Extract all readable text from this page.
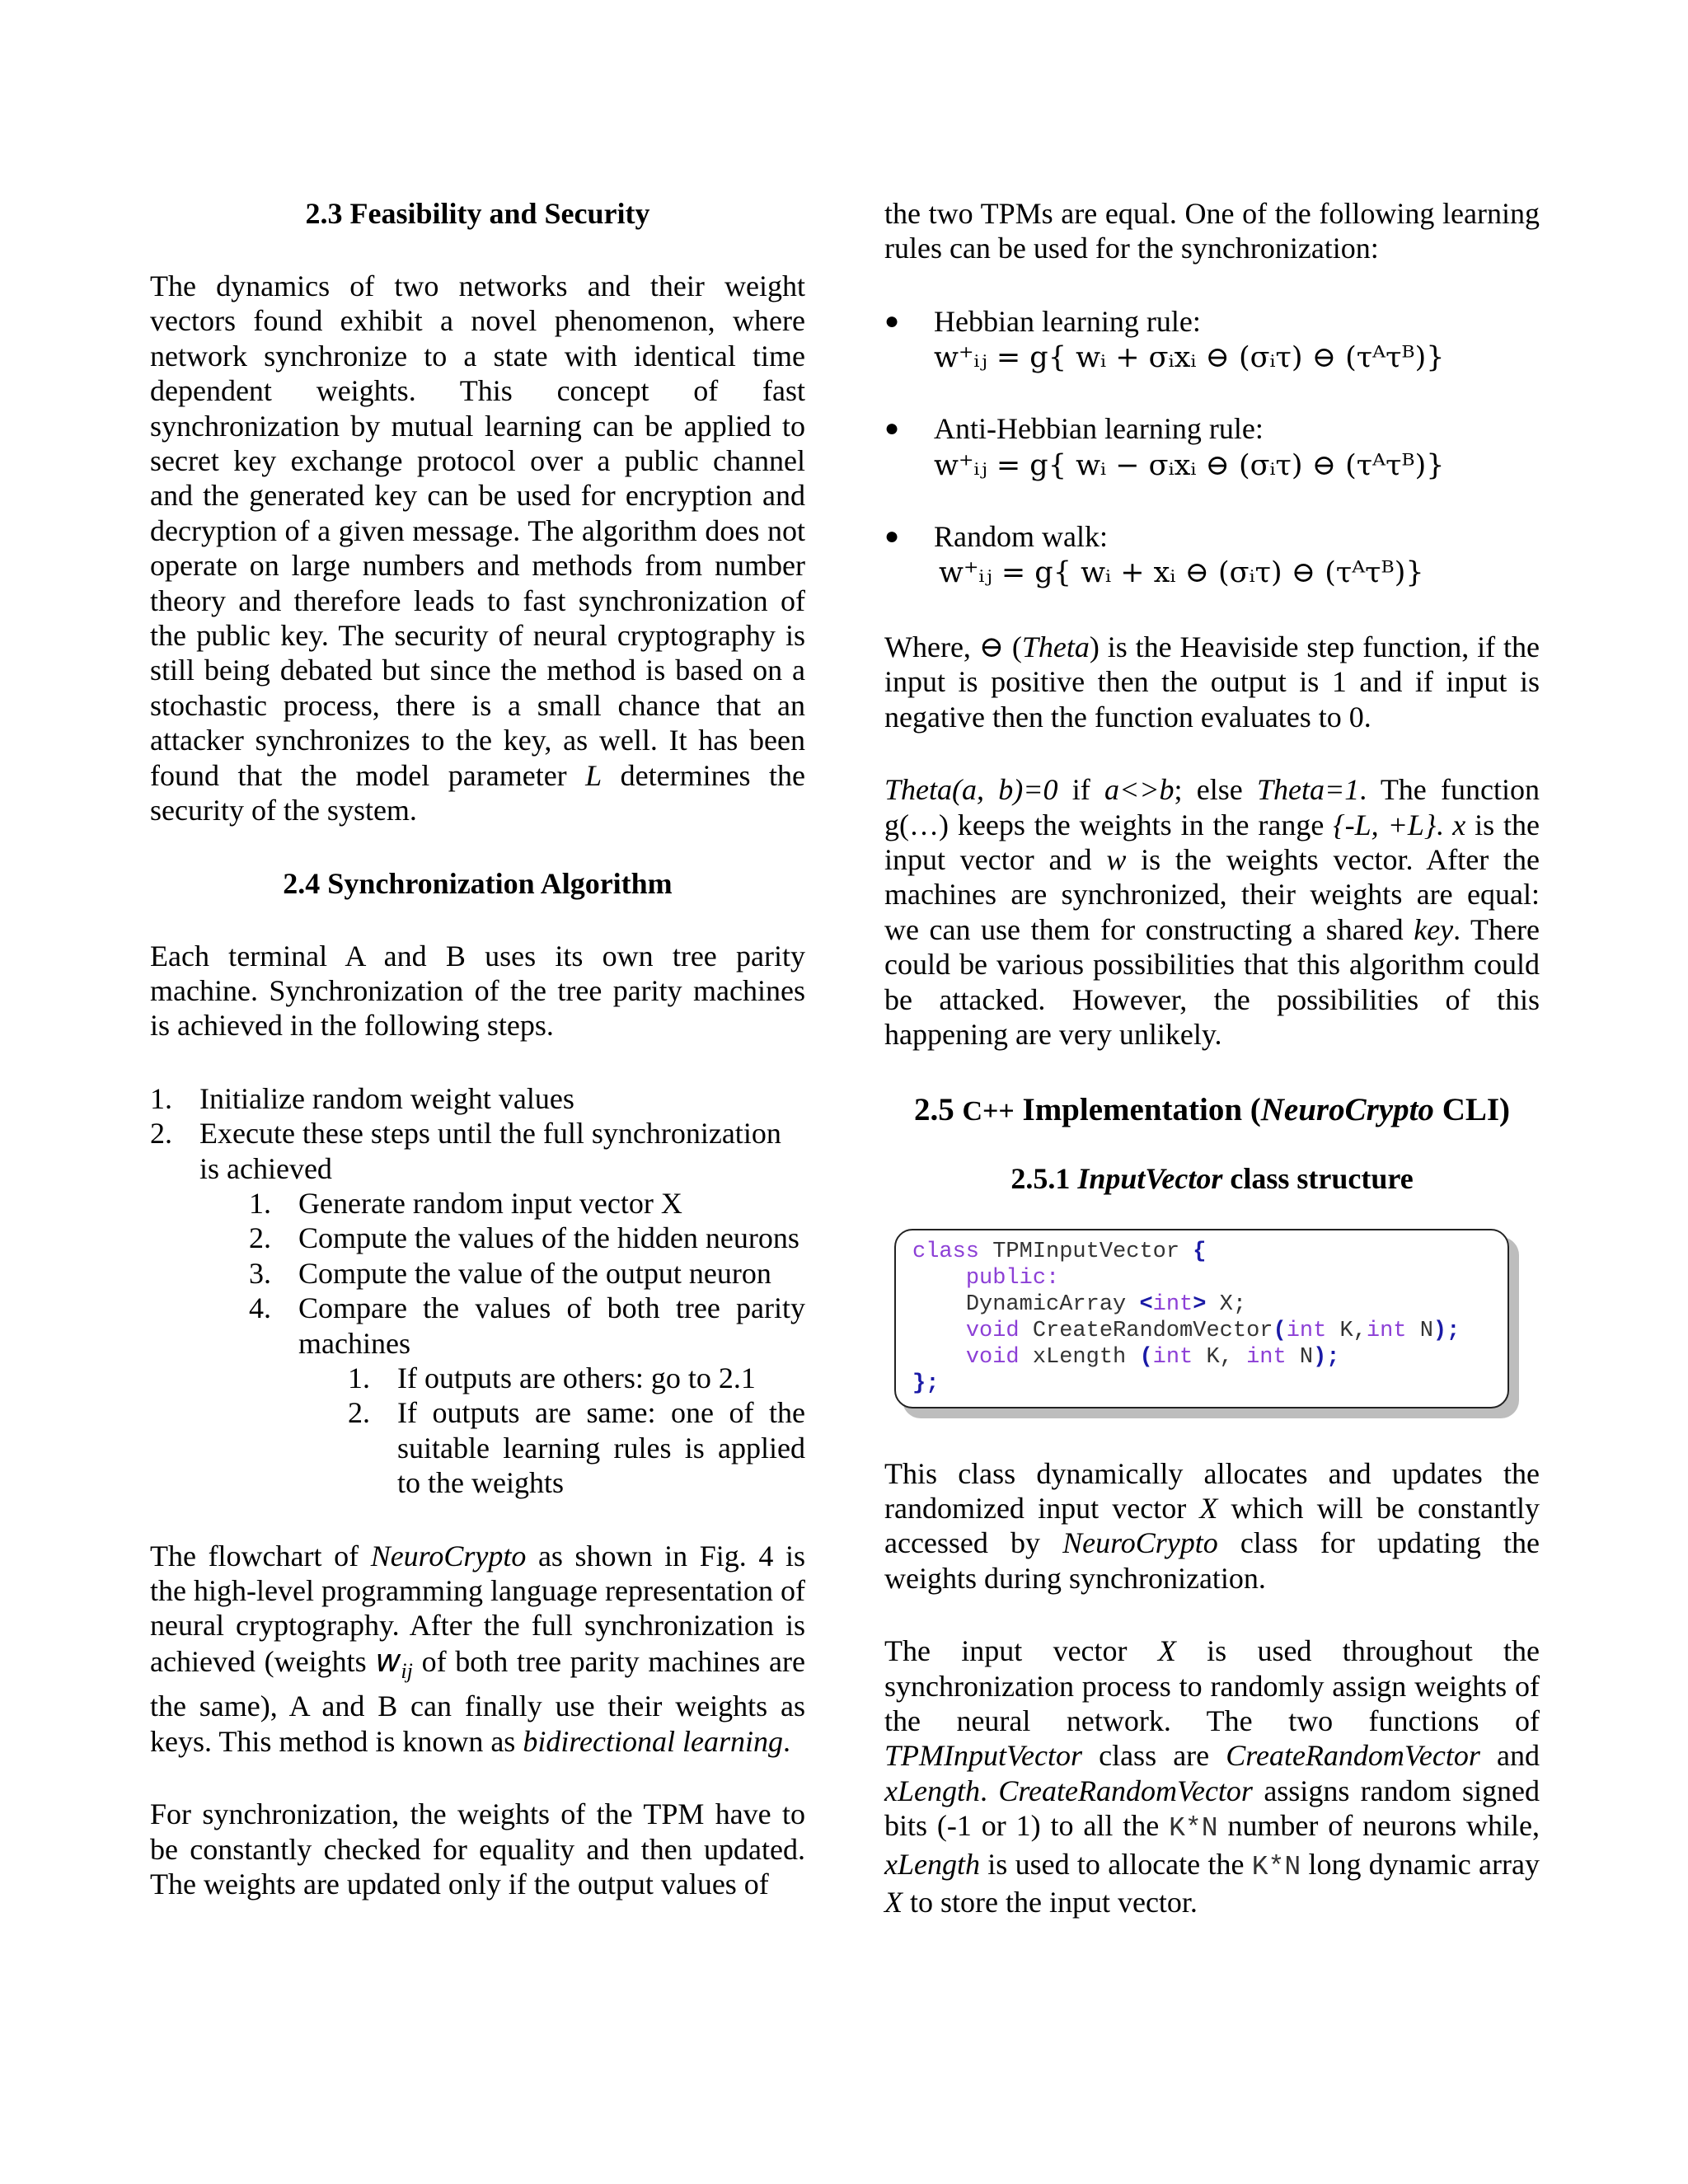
2.3 Feasibility and Security

The dynamics of two networks and their weight vectors found exhibit a novel phenomenon, where network synchronize to a state with identical time dependent weights. This concept of fast synchronization by mutual learning can be applied to secret key exchange protocol over a public channel and the generated key can be used for encryption and decryption of a given message. The algorithm does not operate on large numbers and methods from number theory and therefore leads to fast synchronization of the public key. The security of neural cryptography is still being debated but since the method is based on a stochastic process, there is a small chance that an attacker synchronizes to the key, as well. It has been found that the model parameter L determines the security of the system.

2.4 Synchronization Algorithm

Each terminal A and B uses its own tree parity machine. Synchronization of the tree parity machines is achieved in the following steps.

1. Initialize random weight values
2. Execute these steps until the full synchronization is achieved
1. Generate random input vector X
2. Compute the values of the hidden neurons
3. Compute the value of the output neuron
4. Compare the values of both tree parity machines
1. If outputs are others: go to 2.1
2. If outputs are same: one of the suitable learning rules is applied to the weights

The flowchart of NeuroCrypto as shown in Fig. 4 is the high-level programming language representation of neural cryptography. After the full synchronization is achieved (weights $w_{ij}$ of both tree parity machines are the same), A and B can finally use their weights as keys. This method is known as bidirectional learning.

For synchronization, the weights of the TPM have to be constantly checked for equality and then updated. The weights are updated only if the output values of

the two TPMs are equal. One of the following learning rules can be used for the synchronization:

●	Hebbian learning rule:
w⁺ᵢⱼ = g{ wᵢ + σᵢxᵢ ⊖ (σᵢτ) ⊖ (τᴬτᴮ)}
●	Anti-Hebbian learning rule:
w⁺ᵢⱼ = g{ wᵢ − σᵢxᵢ ⊖ (σᵢτ) ⊖ (τᴬτᴮ)}
●	Random walk:
w⁺ᵢⱼ = g{ wᵢ + xᵢ ⊖ (σᵢτ) ⊖ (τᴬτᴮ)}

Where, ⊖ (Theta) is the Heaviside step function, if the input is positive then the output is 1 and if input is negative then the function evaluates to 0.

Theta(a, b)=0 if a<>b; else Theta=1. The function g(…) keeps the weights in the range {-L, +L}. x is the input vector and w is the weights vector. After the machines are synchronized, their weights are equal: we can use them for constructing a shared key. There could be various possibilities that this algorithm could be attacked. However, the possibilities of this happening are very unlikely.

2.5 C++ Implementation (NeuroCrypto CLI)
2.5.1 InputVector class structure
class TPMInputVector {
public:
DynamicArray <int> X;
void CreateRandomVector(int K,int N);
void xLength (int K, int N);
};

This class dynamically allocates and updates the randomized input vector X which will be constantly accessed by NeuroCrypto class for updating the weights during synchronization.

The input vector X is used throughout the synchronization process to randomly assign weights of the neural network. The two functions of TPMInputVector class are CreateRandomVector and xLength. CreateRandomVector assigns random signed bits (-1 or 1) to all the K*N number of neurons while, xLength is used to allocate the K*N long dynamic array X to store the input vector.
